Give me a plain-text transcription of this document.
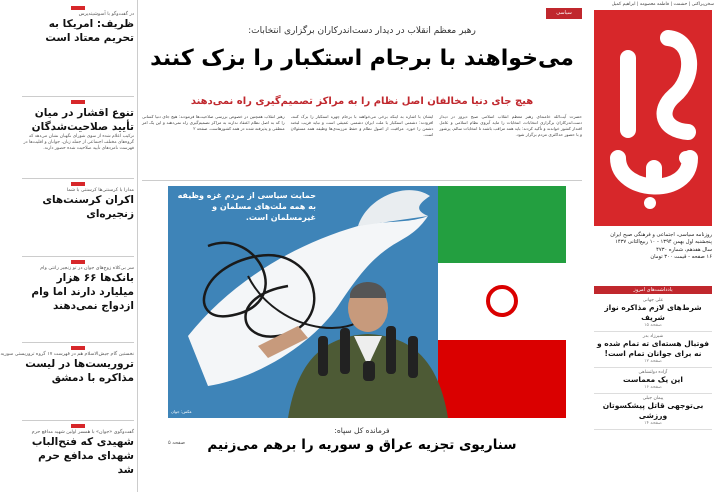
سخن‌پراکنی | حشمت | فاطمه معصومه | ابراهیم کمیل
روزنامه سیاسی، اجتماعی و فرهنگی صبح ایران
پنجشنبه اول بهمن ۱۳۹۴ - ۱۰ ربیع‌الثانی ۱۴۳۷
سال هفدهم، شماره ۴۷۳۰
۱۶ صفحه - قیمت ۳۰۰ تومان
یادداشت‌های امروز
علی جهانی
شرط‌های لازم مذاکره نواز شریف
صفحه ۱۵
شیرزاد بدر
فوتبال هسته‌ای ته تمام شده و نه برای جوانان تمام است!
صفحه ۱۲
آزاده دولتشاهی
این یک معماست
صفحه ۱۶
پیمان جبلی
بی‌توجهی قاتل پیشکسوتان ورزشی
صفحه ۱۴
در گفت‌وگو با آسوشیتدپرس
ظریف: امریکا به تحریم معتاد است
تنوع اقشار در میان تأیید صلاحیت‌شدگان
ترکیب اعلام شده از سوی شورای نگهبان نشان می‌دهد که گروه‌های مختلف اجتماعی از جمله زنان، جوانان و اقلیت‌ها در فهرست نامزدهای تأیید صلاحیت شده حضور دارند.
مدارا با کرسنتی‌ها کرسنتی با شما
اکران کرسنت‌های زنجیره‌ای
سر بی‌کلاه زوج‌های جوان در تو زنجیر رانتی وام
بانک‌ها ۶۶ هزار میلیارد دارند اما وام ازدواج نمی‌دهند
نخستین گام جیش‌الاسلام هم در فهرست ۱۷ گروه تروریستی سوریه
تروریست‌ها در لیست مذاکره با دمشق
گفت‌وگوی «جوان» با همسر اولین شهید مدافع حرم
شهیدی که فتح‌الباب شهدای مدافع حرم شد
سیاسی
رهبر معظم انقلاب در دیدار دست‌اندرکاران برگزاری انتخابات:
می‌خواهند با برجام استکبار را بزک کنند
هیچ جای دنیا مخالفان اصل نظام را به مراکز تصمیم‌گیری راه نمی‌دهند
حضرت آیت‌الله خامنه‌ای رهبر معظم انقلاب اسلامی صبح دیروز در دیدار دست‌اندرکاران برگزاری انتخابات، انتخابات را مایه آبروی نظام اسلامی و عامل اقتدار کشور خواندند و تأکید کردند: باید همه مراقب باشند تا انتخابات سالم، پرشور و با حضور حداکثری مردم برگزار شود.
ایشان با اشاره به اینکه برخی می‌خواهند با برجام چهره استکبار را بزک کنند، افزودند: دشمنی استکبار با ملت ایران دشمنی عمیقی است و نباید فریب لبخند دشمن را خورد. مراقبت از اصول نظام و حفظ مرزبندی‌ها وظیفه همه مسئولان است.
رهبر انقلاب همچنین در خصوص بررسی صلاحیت‌ها فرمودند: هیچ جای دنیا کسانی را که به اصل نظام اعتقاد ندارند به مراکز تصمیم‌گیری راه نمی‌دهند و این یک امر منطقی و پذیرفته شده در همه کشورهاست. صفحه ۲
حمایت سیاسی از مردم غزه وظیفه‌ به همه ملت‌های مسلمان و غیرمسلمان است.
عکس: جوان
فرمانده کل سپاه:
سناریوی تجزیه عراق و سوریه را برهم می‌زنیم
صفحه ۵
